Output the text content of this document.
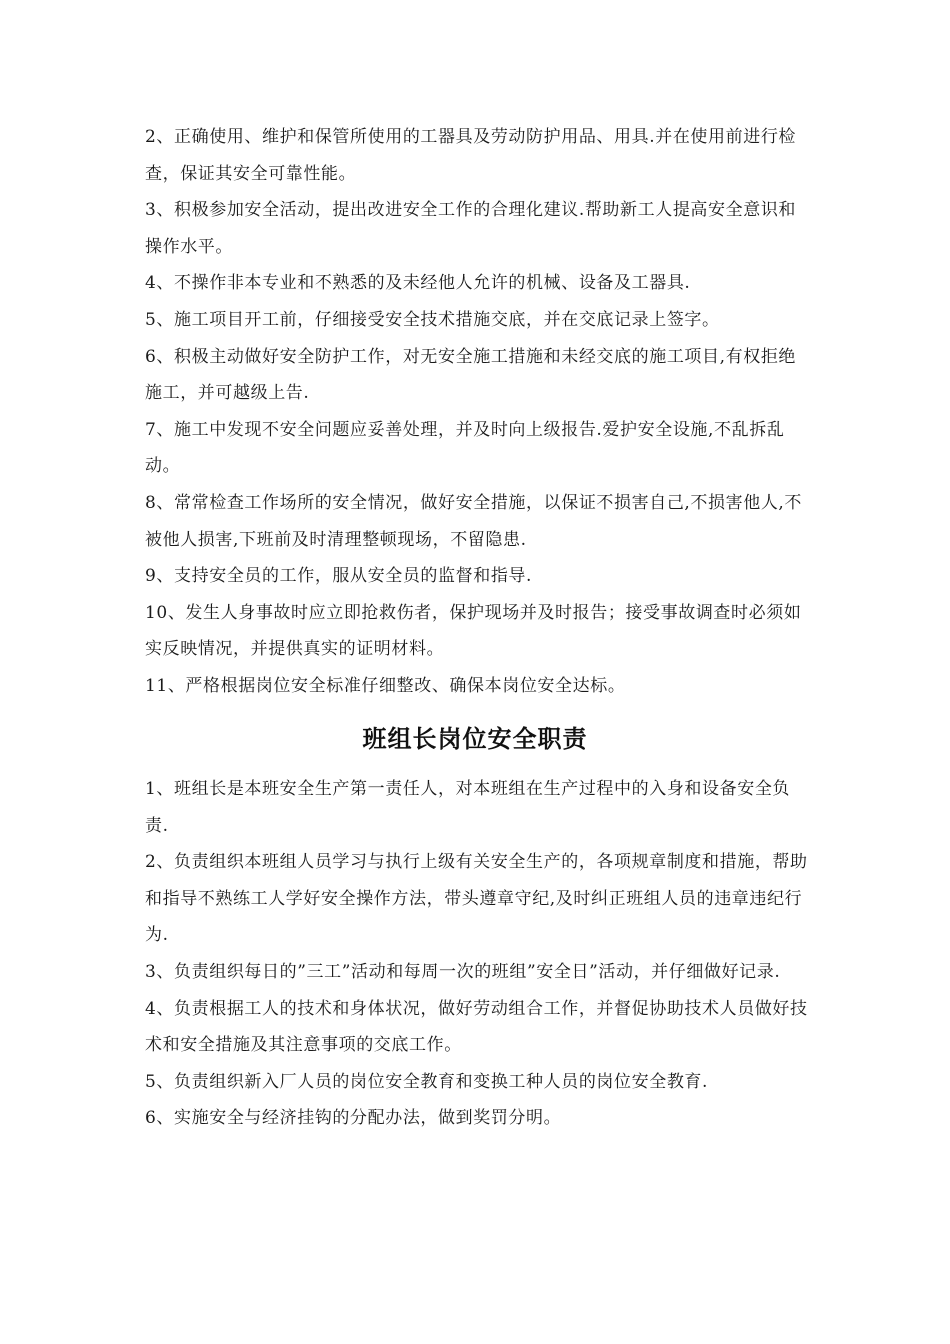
2、正确使用、维护和保管所使用的工器具及劳动防护用品、用具.并在使用前进行检查，保证其安全可靠性能。

3、积极参加安全活动，提出改进安全工作的合理化建议.帮助新工人提高安全意识和操作水平。

4、不操作非本专业和不熟悉的及未经他人允许的机械、设备及工器具.

5、施工项目开工前，仔细接受安全技术措施交底，并在交底记录上签字。

6、积极主动做好安全防护工作，对无安全施工措施和未经交底的施工项目,有权拒绝施工，并可越级上告.

7、施工中发现不安全问题应妥善处理，并及时向上级报告.爱护安全设施,不乱拆乱动。

8、常常检查工作场所的安全情况，做好安全措施，以保证不损害自己,不损害他人,不被他人损害,下班前及时清理整顿现场，不留隐患.

9、支持安全员的工作，服从安全员的监督和指导.

10、发生人身事故时应立即抢救伤者，保护现场并及时报告；接受事故调查时必须如实反映情况，并提供真实的证明材料。

11、严格根据岗位安全标准仔细整改、确保本岗位安全达标。

班组长岗位安全职责

1、班组长是本班安全生产第一责任人，对本班组在生产过程中的入身和设备安全负责.

2、负责组织本班组人员学习与执行上级有关安全生产的，各项规章制度和措施，帮助和指导不熟练工人学好安全操作方法，带头遵章守纪,及时纠正班组人员的违章违纪行为.

3、负责组织每日的”三工”活动和每周一次的班组”安全日”活动，并仔细做好记录.

4、负责根据工人的技术和身体状况，做好劳动组合工作，并督促协助技术人员做好技术和安全措施及其注意事项的交底工作。

5、负责组织新入厂人员的岗位安全教育和变换工种人员的岗位安全教育.

6、实施安全与经济挂钩的分配办法，做到奖罚分明。
